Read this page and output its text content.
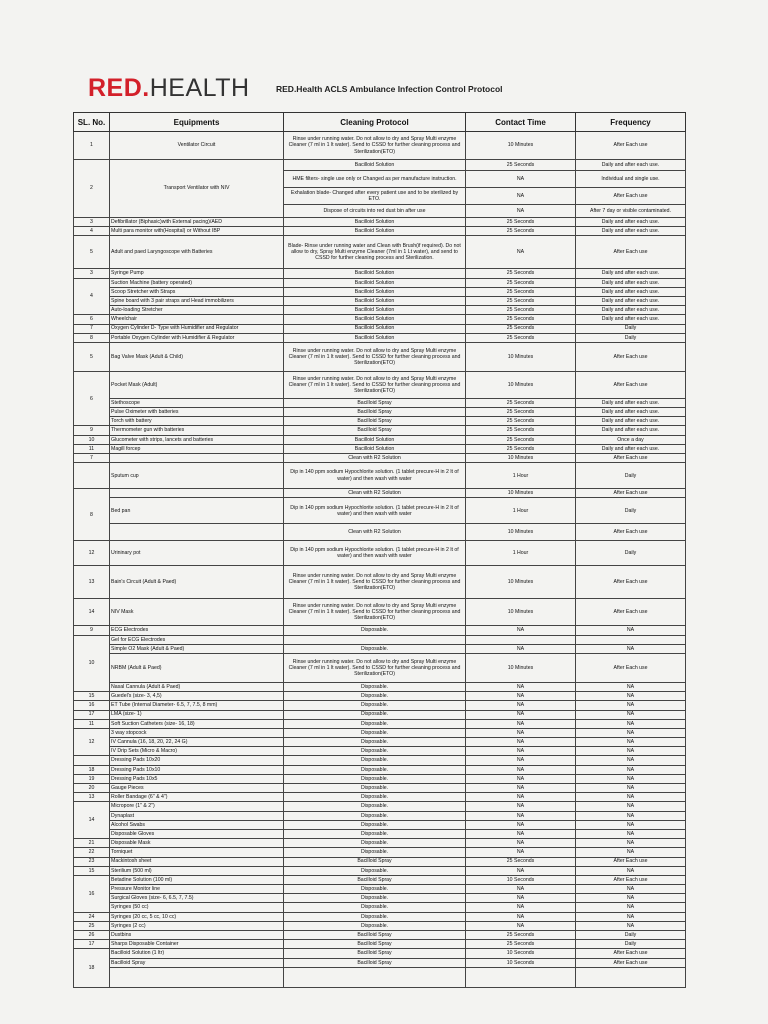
RED.HEALTH	RED.Health ACLS Ambulance Infection Control Protocol
SL. No.	Equipments	Cleaning Protocol	Contact Time	Frequency
1	Ventilator Circuit	Rinse under running water. Do not allow to dry and Spray Multi enzyme Cleaner (7 ml in 1 lt water). Send to CSSD for further cleaning process and Sterilization(ETO)	10 Minutes	After Each use
2	Transport Ventilator with NIV	Bacilloid Solution	25 Seconds	Daily and after each use.
		HME filters- single use only or Changed as per manufacture instruction.	NA	Individual and single use.
		Exhalation blade- Changed after every patient use and to be sterilized by ETO.	NA	After Each use
		Dispose of circuits into red dust bin after use	NA	After 7 day or visible contaminated.
3	Defibrillator (Biphasic)with External pacing)/AED	Bacilloid Solution	25 Seconds	Daily and after each use.
4	Multi para monitor with(Hospital) or Without IBP	Bacilloid Solution	25 Seconds	Daily and after each use.
5	Adult and paed Laryngoscope with Batteries	Blade- Rinse under running water and Clean with Brush(if required). Do not allow to dry, Spray Multi enzyme Cleaner (7ml in 1 Lt water), and send to CSSD for further cleaning process and Sterilization.	NA	After Each use
3	Syringe Pump	Bacilloid Solution	25 Seconds	Daily and after each use.
4	Suction Machine (battery operated)	Bacilloid Solution	25 Seconds	Daily and after each use.
	Scoop Stretcher with Straps	Bacilloid Solution	25 Seconds	Daily and after each use.
	Spine board with 3 pair straps and Head immobilizers	Bacilloid Solution	25 Seconds	Daily and after each use.
	Auto-loading Stretcher	Bacilloid Solution	25 Seconds	Daily and after each use.
6	Wheelchair	Bacilloid Solution	25 Seconds	Daily and after each use.
7	Oxygen Cylinder D- Type with Humidifier and Regulator	Bacilloid Solution	25 Seconds	Daily
8	Portable Oxygen Cylinder with Humidifier & Regulator	Bacilloid Solution	25 Seconds	Daily
5	Bag Valve Mask (Adult & Child)	Rinse under running water. Do not allow to dry and Spray Multi enzyme Cleaner (7 ml in 1 lt water). Send to CSSD for further cleaning process and Sterilization(ETO)	10 Minutes	After Each use
6	Pocket Mask (Adult)	Rinse under running water. Do not allow to dry and Spray Multi enzyme Cleaner (7 ml in 1 lt water). Send to CSSD for further cleaning process and Sterilization(ETO)	10 Minutes	After Each use
	Stethoscope	Bacilloid Spray	25 Seconds	Daily and after each use.
	Pulse Oximeter with batteries	Bacilloid Spray	25 Seconds	Daily and after each use.
	Torch with battery	Bacilloid Spray	25 Seconds	Daily and after each use.
9	Thermometer gun with batteries	Bacilloid Spray	25 Seconds	Daily and after each use.
10	Glucometer with strips, lancets and batteries	Bacilloid Solution	25 Seconds	Once a day
11	Magill forcep	Bacilloid Solution	25 Seconds	Daily and after each use.
7		Clean with R2 Solution	10 Minutes	After Each use
	Sputum cup	Dip in 140 ppm sodium Hypochlorite solution. (1 tablet precure-H in 2 lt of water) and then wash with water	1 Hour	Daily
8		Clean with R2 Solution	10 Minutes	After Each use
	Bed pan	Dip in 140 ppm sodium Hypochlorite solution. (1 tablet precure-H in 2 lt of water) and then wash with water	1 Hour	Daily
		Clean with R2 Solution	10 Minutes	After Each use
12	Urininary pot	Dip in 140 ppm sodium Hypochlorite solution. (1 tablet precure-H in 2 lt of water) and then wash with water	1 Hour	Daily
13	Bain's Circuit (Adult & Paed)	Rinse under running water. Do not allow to dry and Spray Multi enzyme Cleaner (7 ml in 1 lt water). Send to CSSD for further cleaning process and Sterilization(ETO)	10 Minutes	After Each use
14	NIV Mask	Rinse under running water. Do not allow to dry and Spray Multi enzyme Cleaner (7 ml in 1 lt water). Send to CSSD for further cleaning process and Sterilization(ETO)	10 Minutes	After Each use
9	ECG Electrodes	Disposable.	NA	NA
10	Gel for ECG Electrodes			
	Simple O2 Mask (Adult & Paed)	Disposable.	NA	NA
	NRBM (Adult & Paed)	Rinse under running water. Do not allow to dry and Spray Multi enzyme Cleaner (7 ml in 1 lt water). Send to CSSD for further cleaning process and Sterilization(ETO)	10 Minutes	After Each use
	Nasal Cannula (Adult & Paed)	Disposable.	NA	NA
15	Guedel's (size- 3, 4,5)	Disposable.	NA	NA
16	ET Tube (Internal Diameter- 6.5, 7, 7.5, 8 mm)	Disposable.	NA	NA
17	LMA (size- 1)	Disposable.	NA	NA
11	Soft Suction Catheters (size- 16, 18)	Disposable.	NA	NA
12	3 way stopcock	Disposable.	NA	NA
	IV Cannula (16, 18, 20, 22, 24 G)	Disposable.	NA	NA
	IV Drip Sets (Micro & Macro)	Disposable.	NA	NA
	Dressing Pads 10x20	Disposable.	NA	NA
18	Dressing Pads 10x10	Disposable.	NA	NA
19	Dressing Pads 10x5	Disposable.	NA	NA
20	Gauge Pieces	Disposable.	NA	NA
13	Roller Bandage (6" & 4")	Disposable.	NA	NA
14	Micropore (1" & 2")	Disposable.	NA	NA
	Dynaplast	Disposable.	NA	NA
	Alcohol Swabs	Disposable.	NA	NA
	Disposable Gloves	Disposable.	NA	NA
21	Disposable Mask	Disposable.	NA	NA
22	Torniquet	Disposable.	NA	NA
23	Mackintosh sheet	Bacilloid Spray	25 Seconds	After Each use
15	Sterilium (500 ml)	Disposable.	NA	NA
16	Betadine Solution (100 ml)	Bacilloid Spray	10 Seconds	After Each use
	Pressure Monitor line	Disposable.	NA	NA
	Surgical Gloves (size- 6, 6.5, 7, 7.5)	Disposable.	NA	NA
	Syringes (50 cc)	Disposable.	NA	NA
24	Syringes (20 cc, 5 cc, 10 cc)	Disposable.	NA	NA
25	Syringes (2 cc)	Disposable.	NA	NA
26	Dustbins	Bacilloid Spray	25 Seconds	Daily
17	Sharps Disposable Container	Bacilloid Spray	25 Seconds	Daily
18	Bacilloid Solution (1 ltr)	Bacilloid Spray	10 Seconds	After Each use
	Bacilloid Spray	Bacilloid Spray	10 Seconds	After Each use
